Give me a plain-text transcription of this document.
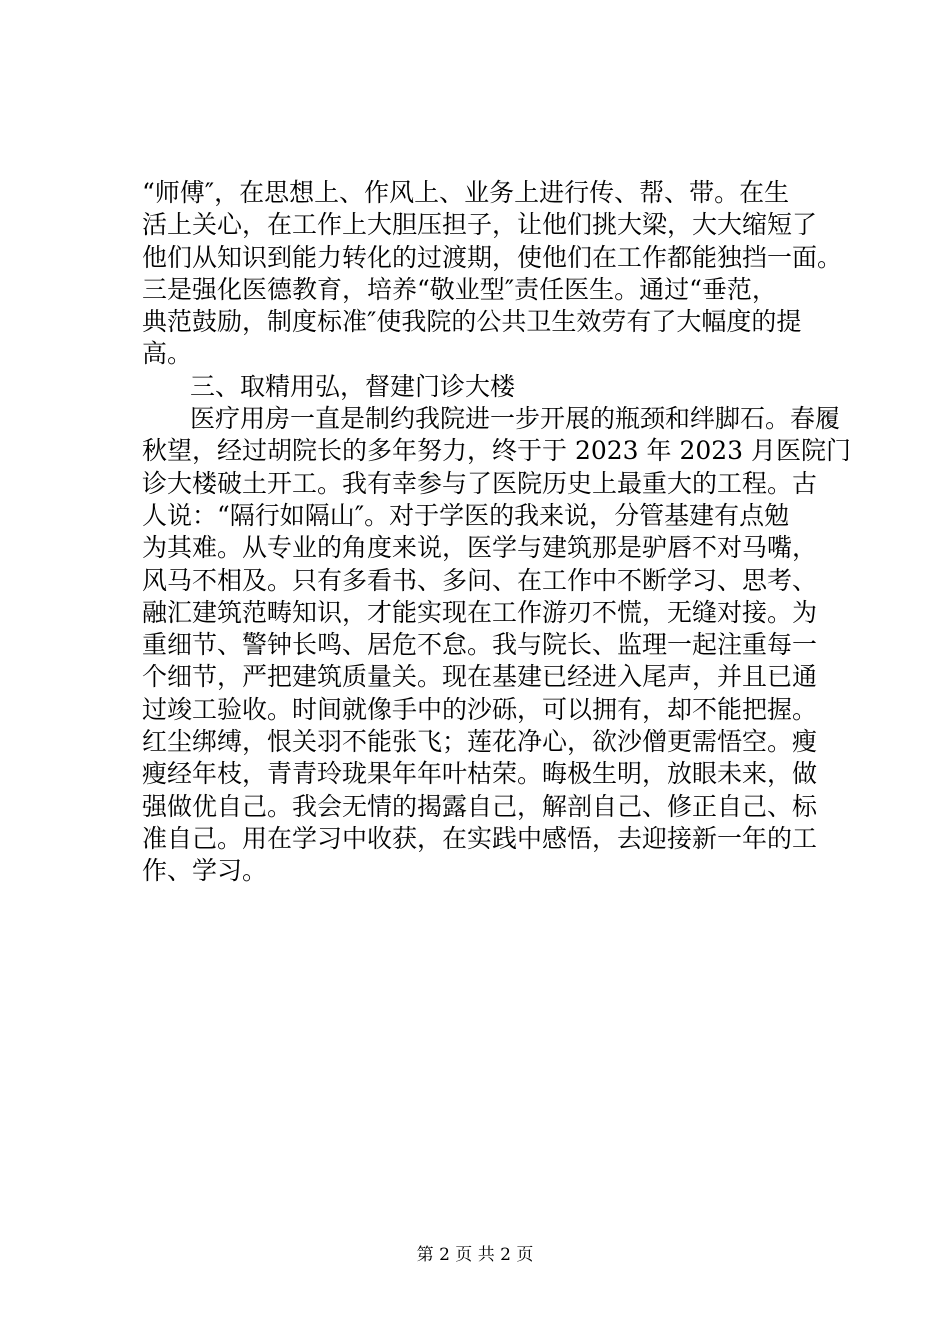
“师傅″，在思想上、作风上、业务上进行传、帮、带。在生
活上关心，在工作上大胆压担子，让他们挑大梁，大大缩短了
他们从知识到能力转化的过渡期，使他们在工作都能独挡一面。
三是强化医德教育，培养“敬业型″责任医生。通过“垂范，
典范鼓励，制度标准″使我院的公共卫生效劳有了大幅度的提
高。
三、取精用弘，督建门诊大楼
医疗用房一直是制约我院进一步开展的瓶颈和绊脚石。春履
秋望，经过胡院长的多年努力，终于于 2023 年 2023 月医院门
诊大楼破土开工。我有幸参与了医院历史上最重大的工程。古
人说：“隔行如隔山″。对于学医的我来说，分管基建有点勉
为其难。从专业的角度来说，医学与建筑那是驴唇不对马嘴，
风马不相及。只有多看书、多问、在工作中不断学习、思考、
融汇建筑范畴知识，才能实现在工作游刃不慌，无缝对接。为
重细节、警钟长鸣、居危不怠。我与院长、监理一起注重每一
个细节，严把建筑质量关。现在基建已经进入尾声，并且已通
过竣工验收。时间就像手中的沙砾，可以拥有，却不能把握。
红尘绑缚，恨关羽不能张飞；莲花净心，欲沙僧更需悟空。瘦
瘦经年枝，青青玲珑果年年叶枯荣。晦极生明，放眼未来，做
强做优自己。我会无情的揭露自己，解剖自己、修正自己、标
准自己。用在学习中收获，在实践中感悟，去迎接新一年的工
作、学习。
第 2 页 共 2 页
